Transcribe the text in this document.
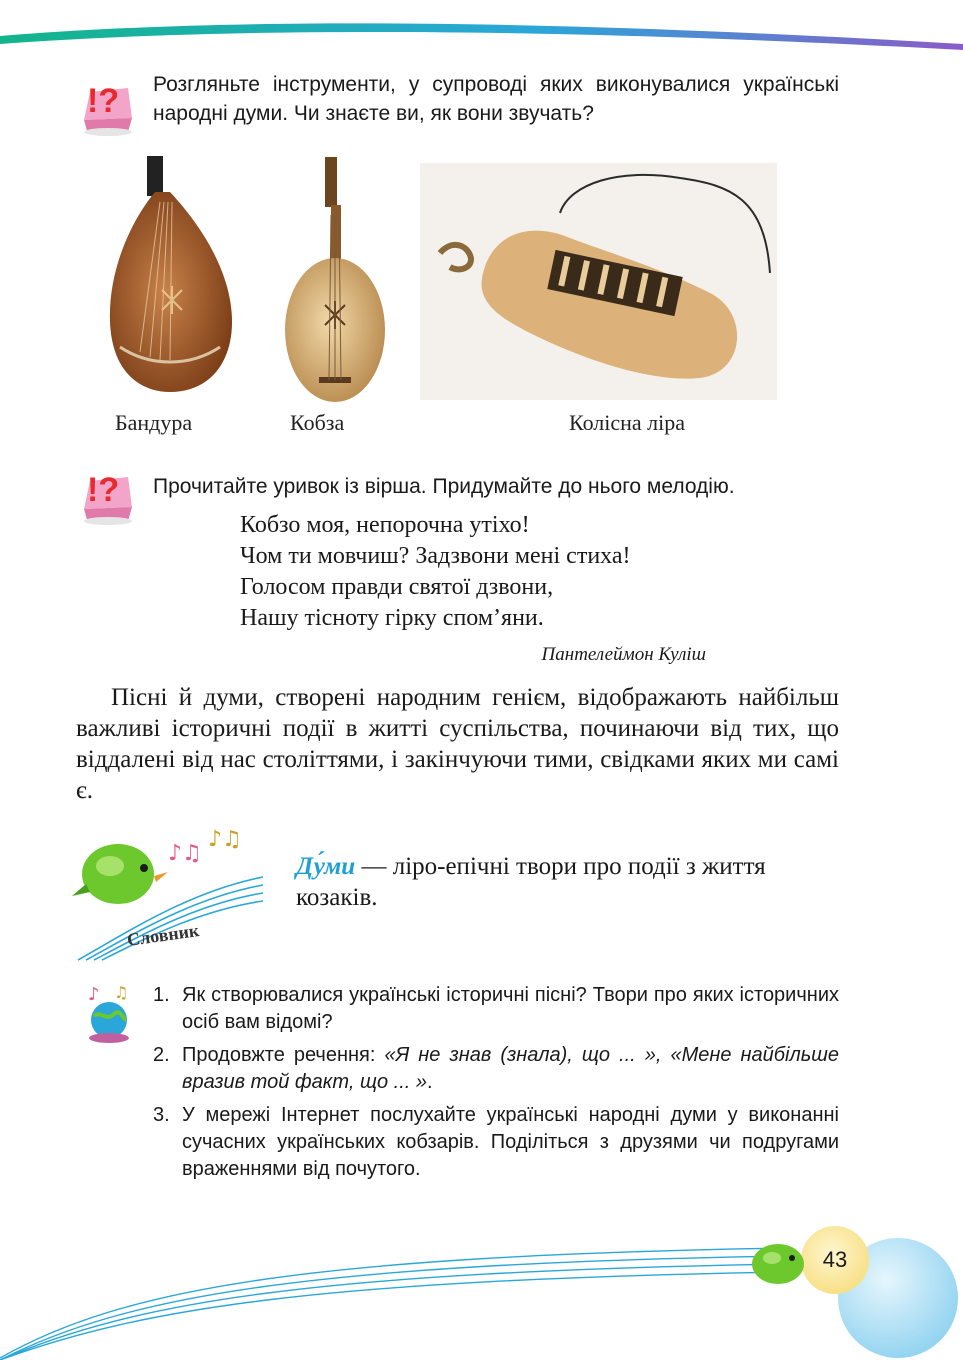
!? Розгляньте інструменти, у супроводі яких виконувалися українські народні думи. Чи знаєте ви, як вони звучать?
Бандура	Кобза	Колісна ліра
!? Прочитайте уривок із вірша. Придумайте до нього мелодію.
Кобзо моя, непорочна утіхо!
Чом ти мовчиш? Задзвони мені стиха!
Голосом правди святої дзвони,
Нашу тісноту гірку спом’яни.
Пантелеймон Куліш
Пісні й думи, створені народним генієм, відображають найбільш важливі історичні події в житті суспільства, починаючи від тих, що віддалені від нас століттями, і закінчуючи тими, свідками яких ми самі є.
♪♫
♪♫
Словник
Ду́ми — ліро-епічні твори про події з життя козаків.
♪ ♫ 1. Як створювалися українські історичні пісні? Твори про яких історичних осіб вам відомі?
2. Продовжте речення: «Я не знав (знала), що ... », «Мене найбільше вразив той факт, що ... ».
3. У мережі Інтернет послухайте українські народні думи у виконанні сучасних українських кобзарів. Поділіться з друзями чи подругами враженнями від почутого.
43
